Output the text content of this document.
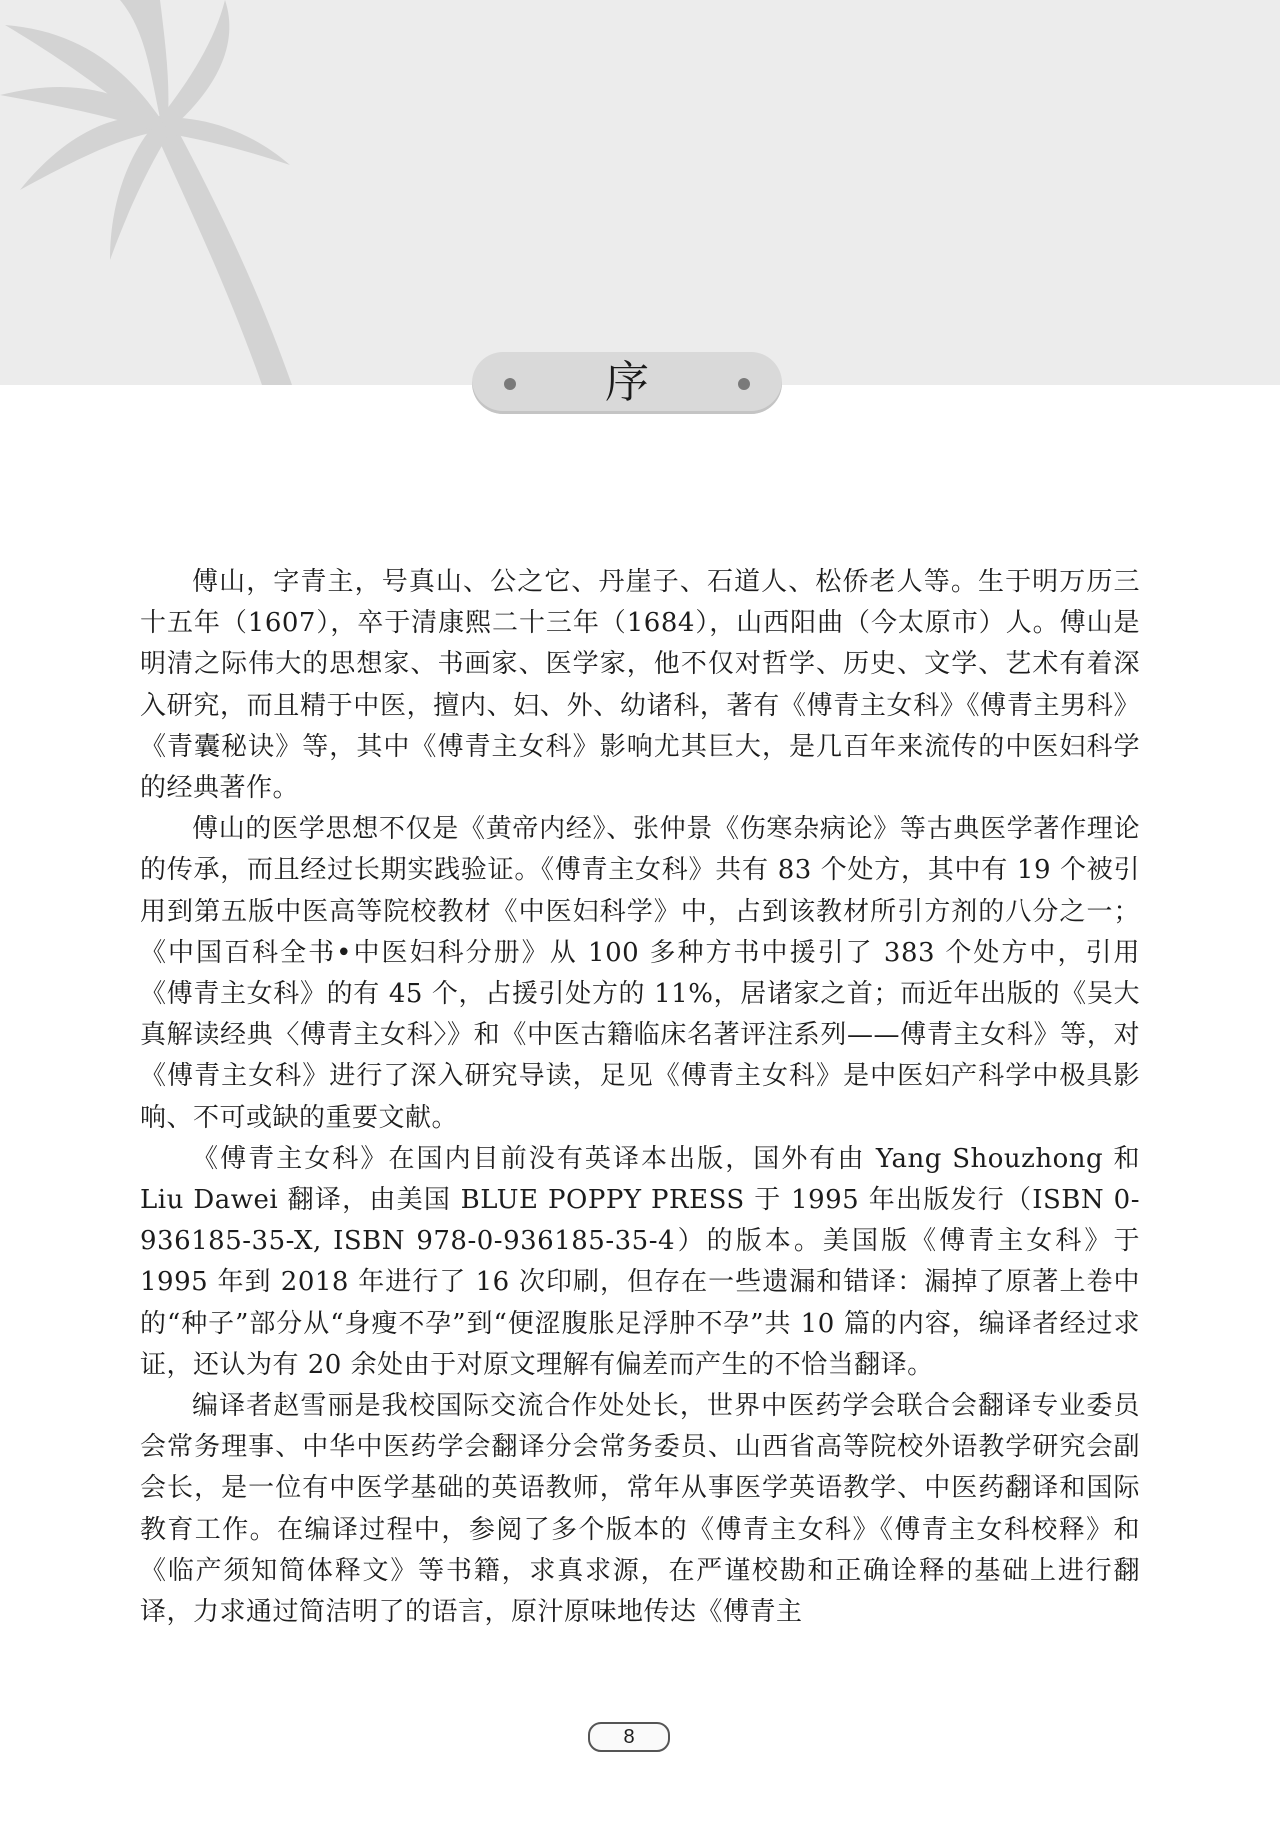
序

傅山，字青主，号真山、公之它、丹崖子、石道人、松侨老人等。生于明万历三十五年（1607），卒于清康熙二十三年（1684），山西阳曲（今太原市）人。傅山是明清之际伟大的思想家、书画家、医学家，他不仅对哲学、历史、文学、艺术有着深入研究，而且精于中医，擅内、妇、外、幼诸科，著有《傅青主女科》《傅青主男科》《青囊秘诀》等，其中《傅青主女科》影响尤其巨大，是几百年来流传的中医妇科学的经典著作。

傅山的医学思想不仅是《黄帝内经》、张仲景《伤寒杂病论》等古典医学著作理论的传承，而且经过长期实践验证。《傅青主女科》共有 83 个处方，其中有 19 个被引用到第五版中医高等院校教材《中医妇科学》中，占到该教材所引方剂的八分之一；《中国百科全书•中医妇科分册》从 100 多种方书中援引了 383 个处方中，引用《傅青主女科》的有 45 个，占援引处方的 11%，居诸家之首；而近年出版的《吴大真解读经典〈傅青主女科〉》和《中医古籍临床名著评注系列——傅青主女科》等，对《傅青主女科》进行了深入研究导读，足见《傅青主女科》是中医妇产科学中极具影响、不可或缺的重要文献。

《傅青主女科》在国内目前没有英译本出版，国外有由 Yang Shouzhong 和 Liu Dawei 翻译，由美国 BLUE POPPY PRESS 于 1995 年出版发行（ISBN 0-936185-35-X, ISBN 978-0-936185-35-4）的版本。美国版《傅青主女科》于 1995 年到 2018 年进行了 16 次印刷，但存在一些遗漏和错译：漏掉了原著上卷中的“种子”部分从“身瘦不孕”到“便涩腹胀足浮肿不孕”共 10 篇的内容，编译者经过求证，还认为有 20 余处由于对原文理解有偏差而产生的不恰当翻译。

编译者赵雪丽是我校国际交流合作处处长，世界中医药学会联合会翻译专业委员会常务理事、中华中医药学会翻译分会常务委员、山西省高等院校外语教学研究会副会长，是一位有中医学基础的英语教师，常年从事医学英语教学、中医药翻译和国际教育工作。在编译过程中，参阅了多个版本的《傅青主女科》《傅青主女科校释》和《临产须知简体释文》等书籍，求真求源，在严谨校勘和正确诠释的基础上进行翻译，力求通过简洁明了的语言，原汁原味地传达《傅青主

8
